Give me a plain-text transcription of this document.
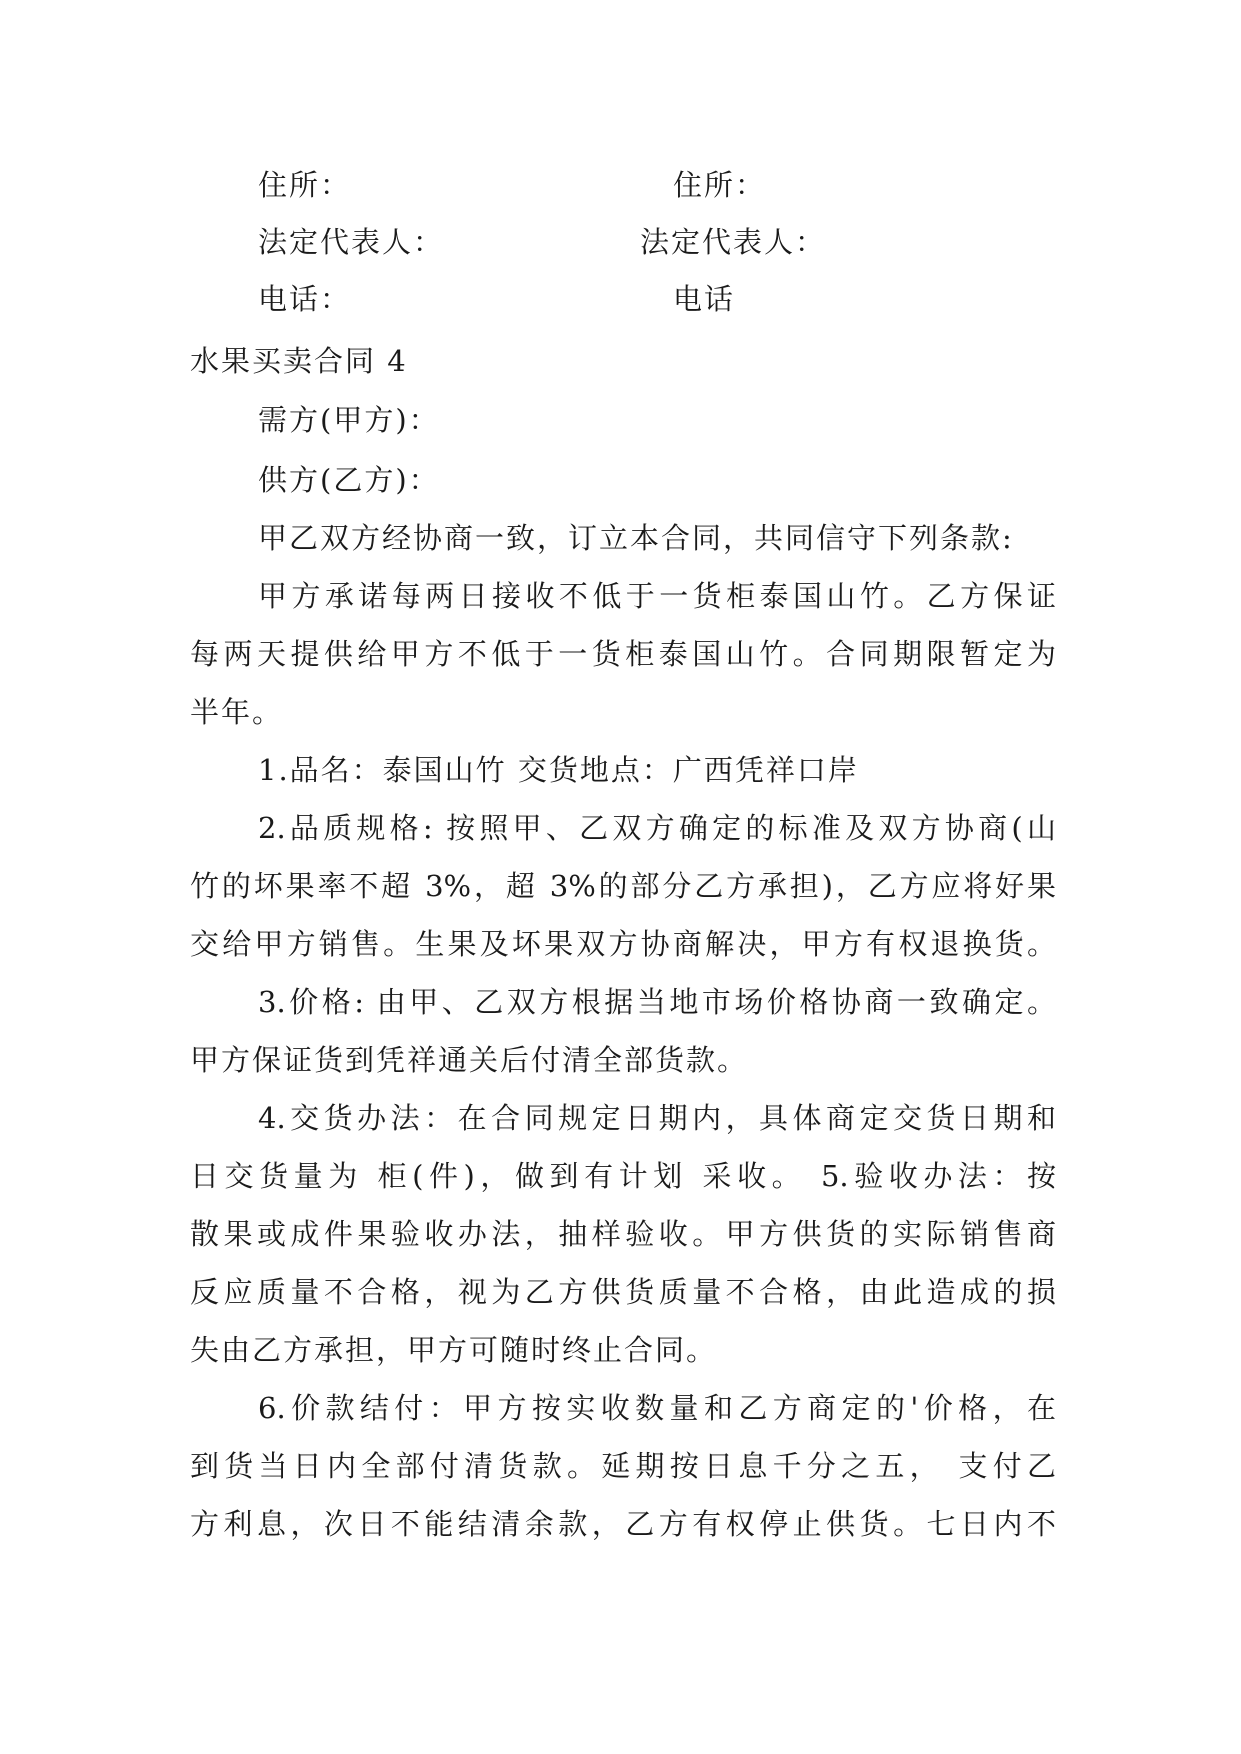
住所：	住所：
法定代表人：	法定代表人：
电话：	电话
水果买卖合同 4
需方(甲方)：
供方(乙方)：
甲乙双方经协商一致，订立本合同，共同信守下列条款:
甲方承诺每两日接收不低于一货柜泰国山竹。乙方保证
每两天提供给甲方不低于一货柜泰国山竹。合同期限暂定为
半年。
1.品名：泰国山竹 交货地点：广西凭祥口岸
2.品质规格: 按照甲、乙双方确定的标准及双方协商(山
竹的坏果率不超 3%，超 3%的部分乙方承担)，乙方应将好果
交给甲方销售。生果及坏果双方协商解决，甲方有权退换货。
3.价格: 由甲、乙双方根据当地市场价格协商一致确定。
甲方保证货到凭祥通关后付清全部货款。
4.交货办法：在合同规定日期内，具体商定交货日期和
日交货量为 柜(件)，做到有计划 采收。 5.验收办法：按
散果或成件果验收办法，抽样验收。甲方供货的实际销售商
反应质量不合格，视为乙方供货质量不合格，由此造成的损
失由乙方承担，甲方可随时终止合同。
6.价款结付：甲方按实收数量和乙方商定的'价格，在
到货当日内全部付清货款。延期按日息千分之五， 支付乙
方利息，次日不能结清余款，乙方有权停止供货。七日内不
